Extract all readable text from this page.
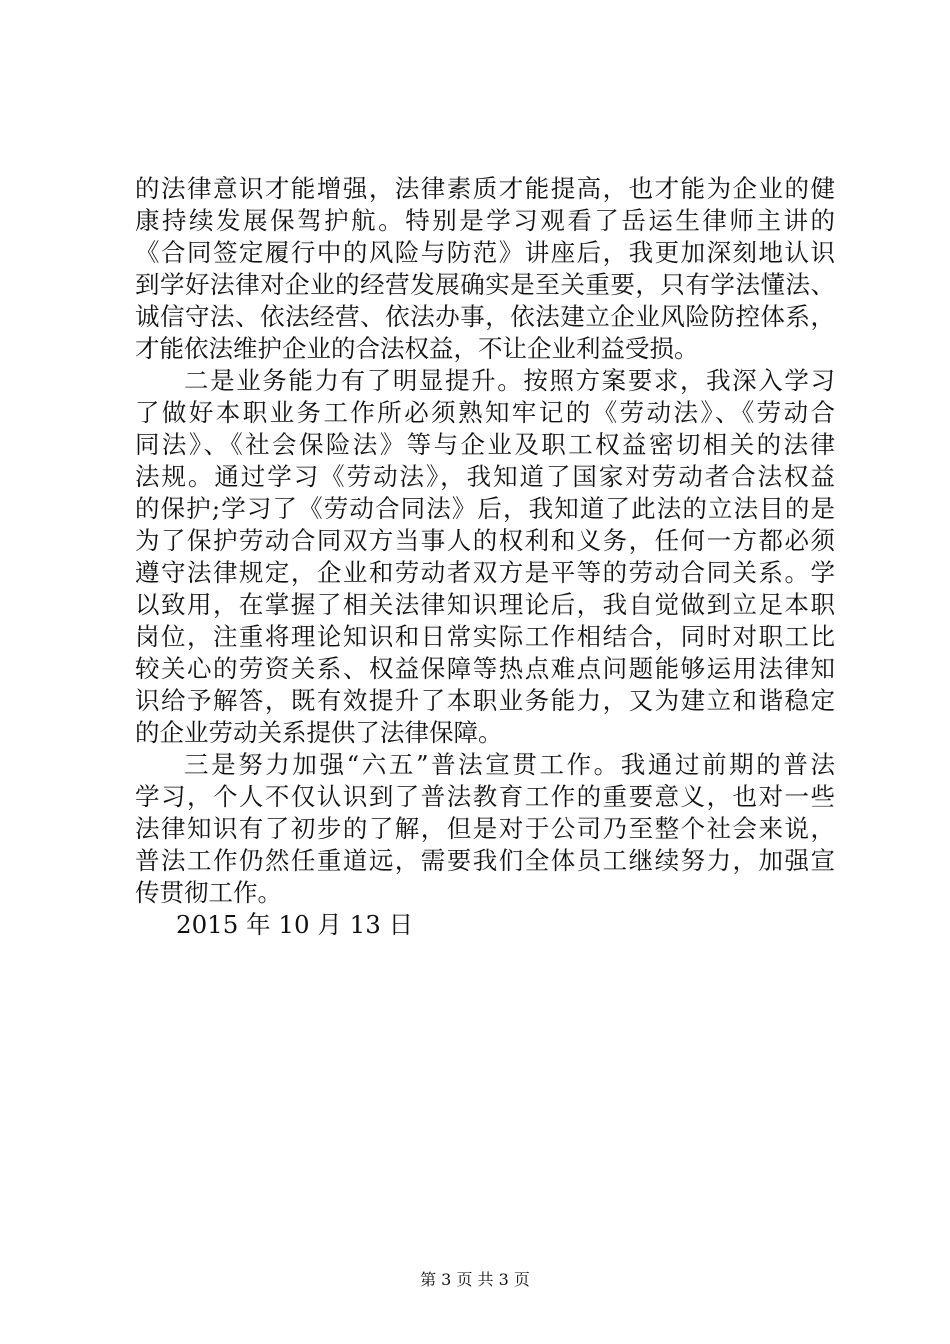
的法律意识才能增强，法律素质才能提高，也才能为企业的健
康持续发展保驾护航。特别是学习观看了岳运生律师主讲的
《合同签定履行中的风险与防范》讲座后，我更加深刻地认识
到学好法律对企业的经营发展确实是至关重要，只有学法懂法、
诚信守法、依法经营、依法办事，依法建立企业风险防控体系，
才能依法维护企业的合法权益，不让企业利益受损。
二是业务能力有了明显提升。按照方案要求，我深入学习
了做好本职业务工作所必须熟知牢记的《劳动法》、《劳动合
同法》、《社会保险法》等与企业及职工权益密切相关的法律
法规。通过学习《劳动法》，我知道了国家对劳动者合法权益
的保护;学习了《劳动合同法》后，我知道了此法的立法目的是
为了保护劳动合同双方当事人的权利和义务，任何一方都必须
遵守法律规定，企业和劳动者双方是平等的劳动合同关系。学
以致用，在掌握了相关法律知识理论后，我自觉做到立足本职
岗位，注重将理论知识和日常实际工作相结合，同时对职工比
较关心的劳资关系、权益保障等热点难点问题能够运用法律知
识给予解答，既有效提升了本职业务能力，又为建立和谐稳定
的企业劳动关系提供了法律保障。
三是努力加强“六五”普法宣贯工作。我通过前期的普法
学习，个人不仅认识到了普法教育工作的重要意义，也对一些
法律知识有了初步的了解，但是对于公司乃至整个社会来说，
普法工作仍然任重道远，需要我们全体员工继续努力，加强宣
传贯彻工作。
2015 年 10 月 13 日
第 3 页 共 3 页
